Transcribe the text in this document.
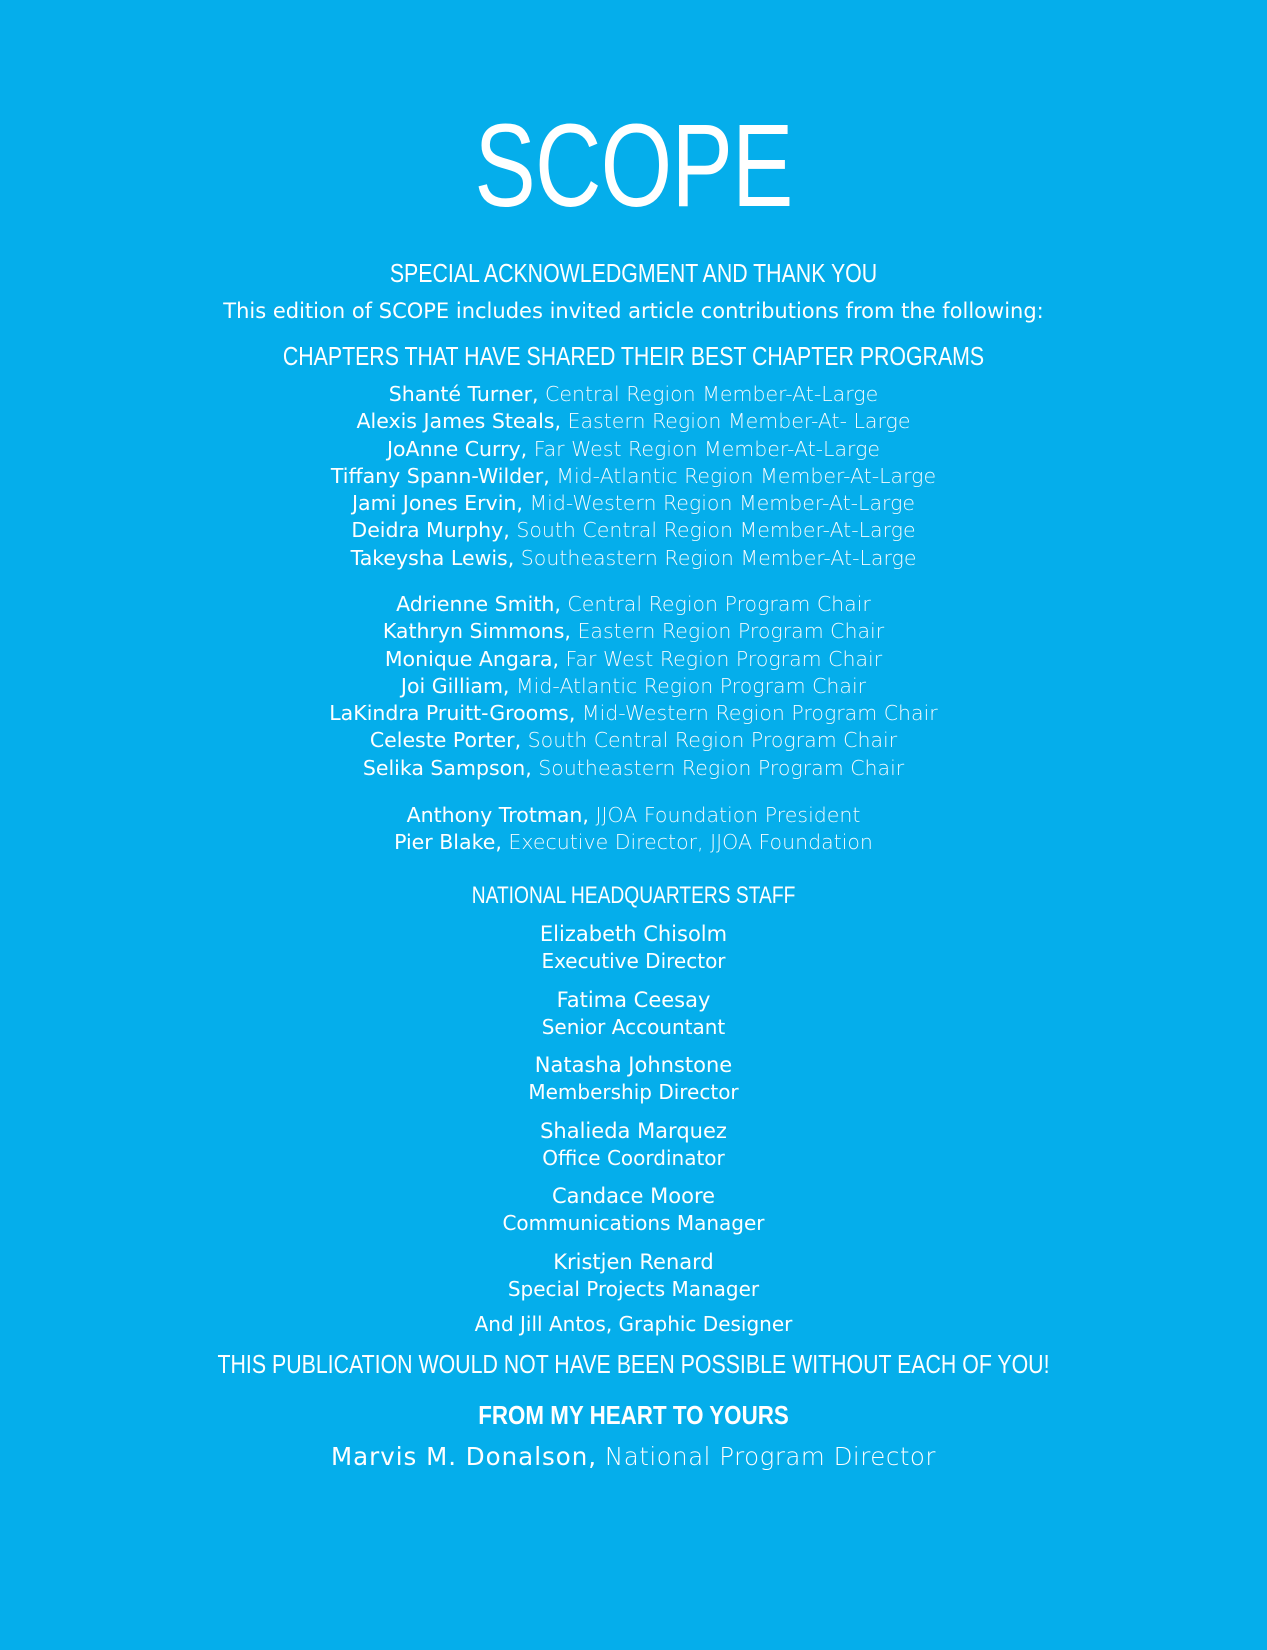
SCOPE
SPECIAL ACKNOWLEDGMENT AND THANK YOU

This edition of SCOPE includes invited article contributions from the following:

CHAPTERS THAT HAVE SHARED THEIR BEST CHAPTER PROGRAMS
Shanté Turner, Central Region Member-At-Large
Alexis James Steals, Eastern Region Member-At- Large
JoAnne Curry, Far West Region Member-At-Large
Tiffany Spann-Wilder, Mid-Atlantic Region Member-At-Large
Jami Jones Ervin, Mid-Western Region Member-At-Large
Deidra Murphy, South Central Region Member-At-Large
Takeysha Lewis, Southeastern Region Member-At-Large
Adrienne Smith, Central Region Program Chair
Kathryn Simmons, Eastern Region Program Chair
Monique Angara, Far West Region Program Chair
Joi Gilliam, Mid-Atlantic Region Program Chair
LaKindra Pruitt-Grooms, Mid-Western Region Program Chair
Celeste Porter, South Central Region Program Chair
Selika Sampson, Southeastern Region Program Chair
Anthony Trotman, JJOA Foundation President
Pier Blake, Executive Director, JJOA Foundation
NATIONAL HEADQUARTERS STAFF
Elizabeth Chisolm
Executive Director
Fatima Ceesay
Senior Accountant
Natasha Johnstone
Membership Director
Shalieda Marquez
Office Coordinator
Candace Moore
Communications Manager
Kristjen Renard
Special Projects Manager
And Jill Antos, Graphic Designer
THIS PUBLICATION WOULD NOT HAVE BEEN POSSIBLE WITHOUT EACH OF YOU!
FROM MY HEART TO YOURS
Marvis M. Donalson, National Program Director
